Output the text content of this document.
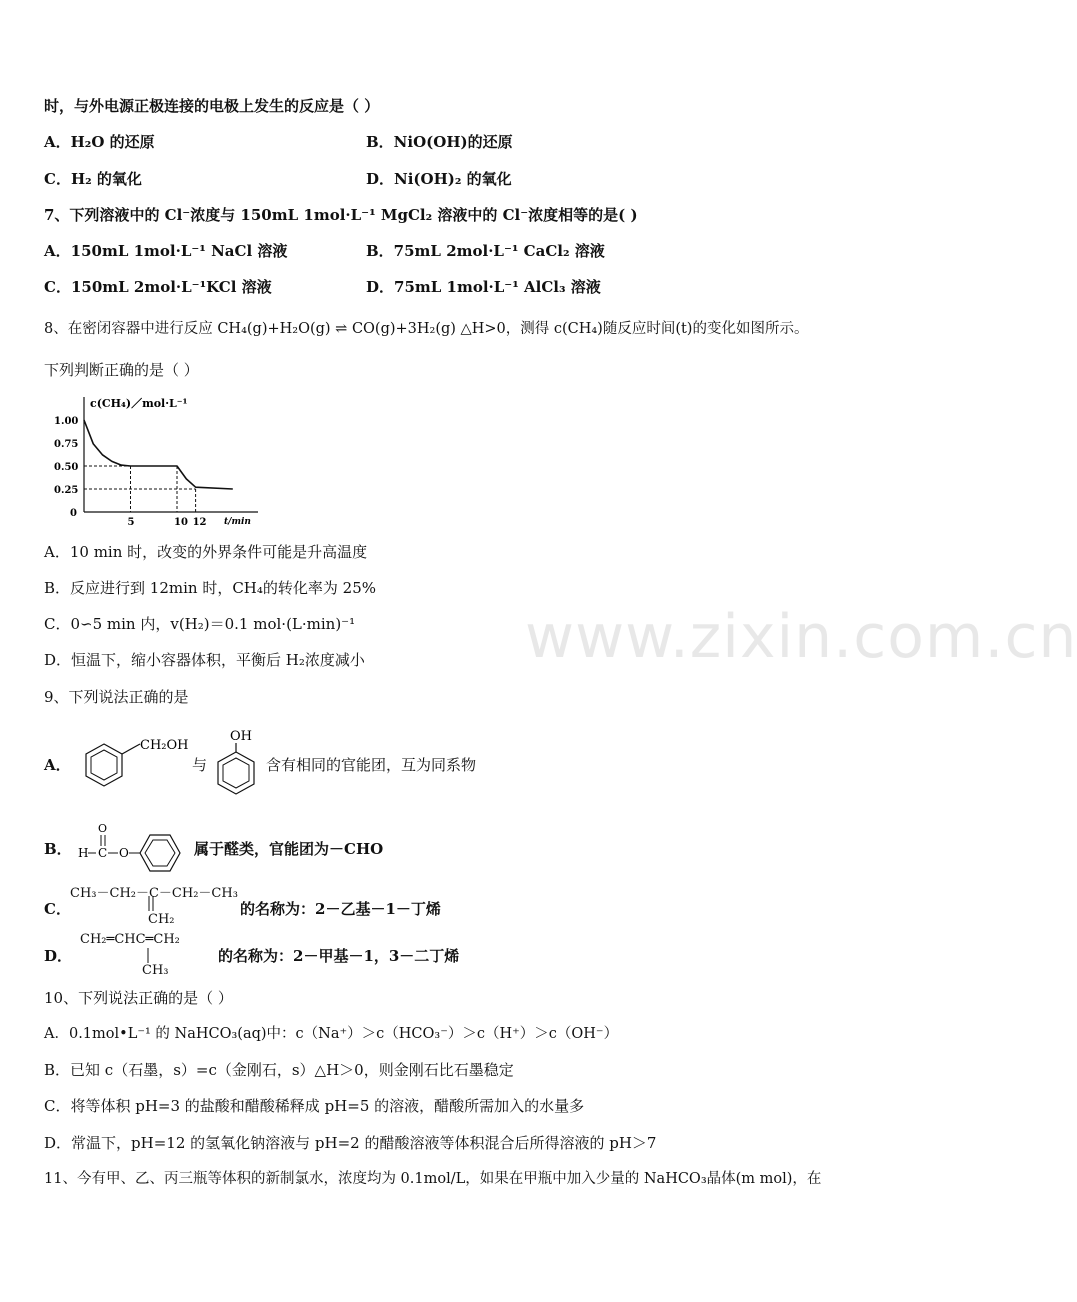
时，与外电源正极连接的电极上发生的反应是（ ）
A．H₂O 的还原	B．NiO(OH)的还原
C．H₂ 的氧化	D．Ni(OH)₂ 的氧化
7、下列溶液中的 Cl⁻浓度与 150mL 1mol·L⁻¹ MgCl₂ 溶液中的 Cl⁻浓度相等的是( )
A．150mL 1mol·L⁻¹ NaCl 溶液	B．75mL 2mol·L⁻¹ CaCl₂ 溶液
C．150mL 2mol·L⁻¹KCl 溶液	D．75mL 1mol·L⁻¹ AlCl₃ 溶液
8、在密闭容器中进行反应 CH₄(g)+H₂O(g) ⇌ CO(g)+3H₂(g) △H>0，测得 c(CH₄)随反应时间(t)的变化如图所示。
下列判断正确的是（ ）
1.00
0.75
0.50
0.25
0
5	10 12 t/min
c(CH₄)／mol·L⁻¹
A．10 min 时，改变的外界条件可能是升高温度
B．反应进行到 12min 时，CH₄的转化率为 25%
C．0∽5 min 内，v(H₂)＝0.1 mol·(L·min)⁻¹
D．恒温下，缩小容器体积，平衡后 H₂浓度减小
9、下列说法正确的是
A．
CH₂OH
与
OH
含有相同的官能团，互为同系物
B． H C
O
O	属于醛类，官能团为－CHO
C．
CH₃－CH₂－C－CH₂－CH₃
CH₂
的名称为：2－乙基－1－丁烯
D．
CH₂═CHC═CH₂
CH₃
的名称为：2－甲基－1，3－二丁烯
10、下列说法正确的是（ ）
A．0.1mol•L⁻¹ 的 NaHCO₃(aq)中：c（Na⁺）＞c（HCO₃⁻）＞c（H⁺）＞c（OH⁻）
B．已知 c（石墨，s）=c（金刚石，s）△H＞0，则金刚石比石墨稳定
C．将等体积 pH=3 的盐酸和醋酸稀释成 pH=5 的溶液，醋酸所需加入的水量多
D．常温下，pH=12 的氢氧化钠溶液与 pH=2 的醋酸溶液等体积混合后所得溶液的 pH＞7
11、今有甲、乙、丙三瓶等体积的新制氯水，浓度均为 0.1mol/L，如果在甲瓶中加入少量的 NaHCO₃晶体(m mol)，在
www.zixin.com.cn
